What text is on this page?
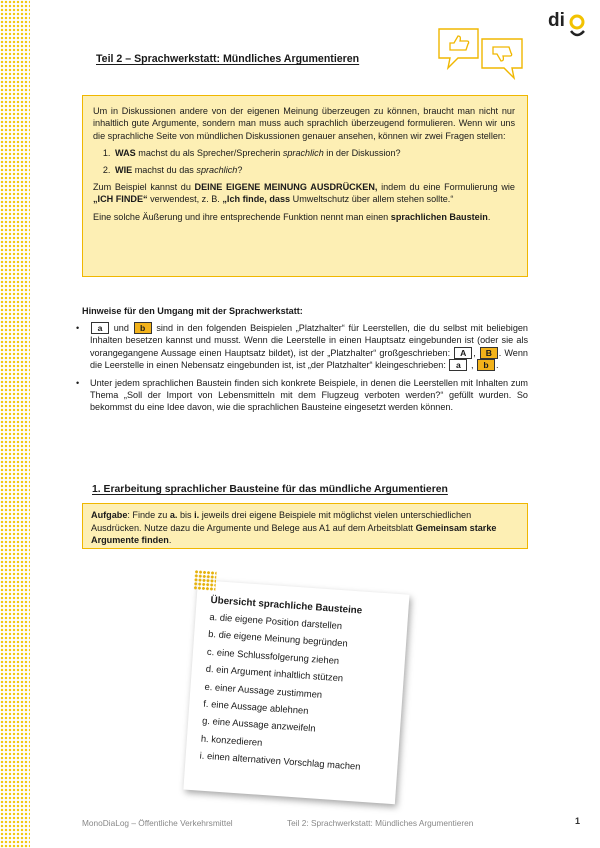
di
Teil 2 – Sprachwerkstatt: Mündliches Argumentieren

Um in Diskussionen andere von der eigenen Meinung überzeugen zu können, braucht man nicht nur inhaltlich gute Argumente, sondern man muss auch sprachlich überzeugend formulieren. Wenn wir uns die sprachliche Seite von mündlichen Diskussionen genauer ansehen, können wir zwei Fragen stellen:

1. WAS machst du als Sprecher/Sprecherin sprachlich in der Diskussion?
2. WIE machst du das sprachlich?

Zum Beispiel kannst du DEINE EIGENE MEINUNG AUSDRÜCKEN, indem du eine Formulierung wie „ICH FINDE“ verwendest, z. B. „Ich finde, dass Umweltschutz über allem stehen sollte.“

Eine solche Äußerung und ihre entsprechende Funktion nennt man einen sprachlichen Baustein.

Hinweise für den Umgang mit der Sprachwerkstatt:
• a und b sind in den folgenden Beispielen „Platzhalter“ für Leerstellen, die du selbst mit beliebigen Inhalten besetzen kannst und musst. Wenn die Leerstelle in einen Hauptsatz eingebunden ist (oder sie als vorangegangene Aussage einen Hauptsatz bildet), ist der „Platzhalter“ großgeschrieben: A , B . Wenn die Leerstelle in einen Nebensatz eingebunden ist, ist „der Platzhalter“ kleingeschrieben: a , b .
• Unter jedem sprachlichen Baustein finden sich konkrete Beispiele, in denen die Leerstellen mit Inhalten zum Thema „Soll der Import von Lebensmitteln mit dem Flugzeug verboten werden?“ gefüllt wurden. So bekommst du eine Idee davon, wie die sprachlichen Bausteine eingesetzt werden können.
1. Erarbeitung sprachlicher Bausteine für das mündliche Argumentieren
Aufgabe: Finde zu a. bis i. jeweils drei eigene Beispiele mit möglichst vielen unterschiedlichen Ausdrücken. Nutze dazu die Argumente und Belege aus A1 auf dem Arbeitsblatt Gemeinsam starke Argumente finden.
Übersicht sprachliche Bausteine
a. die eigene Position darstellen
b. die eigene Meinung begründen
c. eine Schlussfolgerung ziehen
d. ein Argument inhaltlich stützen
e. einer Aussage zustimmen
f. eine Aussage ablehnen
g. eine Aussage anzweifeln
h. konzedieren
i. einen alternativen Vorschlag machen
MonoDiaLog – Öffentliche Verkehrsmittel	Teil 2: Sprachwerkstatt: Mündliches Argumentieren	1
